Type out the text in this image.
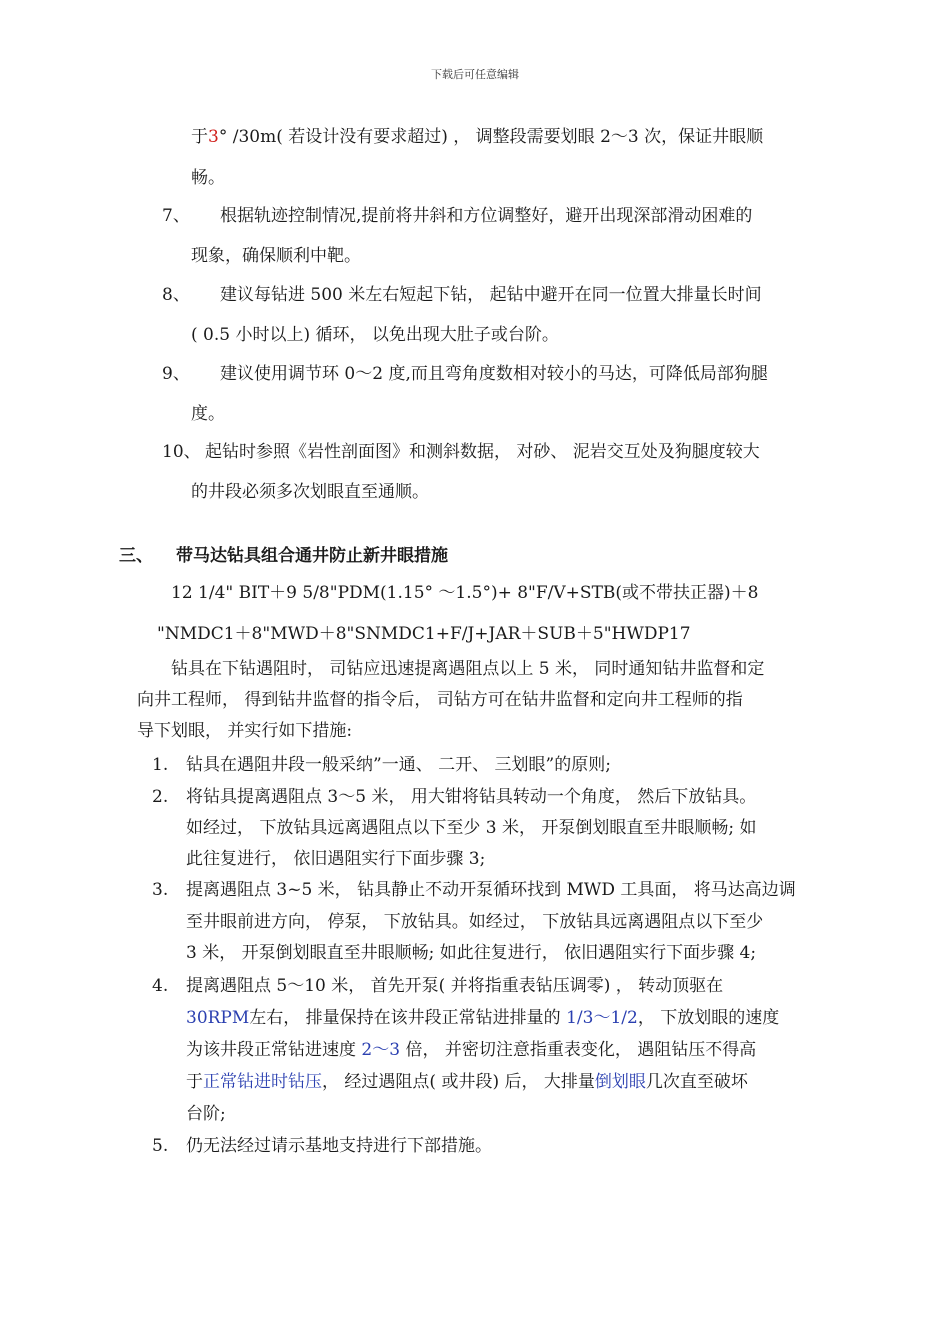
下载后可任意编辑
于3° /30m( 若设计没有要求超过) ， 调整段需要划眼 2～3 次，保证井眼顺
畅。
7、 根据轨迹控制情况,提前将井斜和方位调整好，避开出现深部滑动困难的
现象，确保顺利中靶。
8、 建议每钻进 500 米左右短起下钻， 起钻中避开在同一位置大排量长时间
( 0.5 小时以上) 循环， 以免出现大肚子或台阶。
9、 建议使用调节环 0～2 度,而且弯角度数相对较小的马达，可降低局部狗腿
度。
10、 起钻时参照《岩性剖面图》和测斜数据， 对砂、 泥岩交互处及狗腿度较大
的井段必须多次划眼直至通顺。
三、 带马达钻具组合通井防止新井眼措施
12 1/4" BIT＋9 5/8"PDM(1.15° ～1.5°)+ 8"F/V+STB(或不带扶正器)＋8
"NMDC1＋8"MWD＋8"SNMDC1+F/J+JAR＋SUB＋5"HWDP17
钻具在下钻遇阻时， 司钻应迅速提离遇阻点以上 5 米， 同时通知钻井监督和定
向井工程师， 得到钻井监督的指令后， 司钻方可在钻井监督和定向井工程师的指
导下划眼， 并实行如下措施:
1. 钻具在遇阻井段一般采纳”一通、 二开、 三划眼”的原则;
2. 将钻具提离遇阻点 3～5 米， 用大钳将钻具转动一个角度， 然后下放钻具。
如经过， 下放钻具远离遇阻点以下至少 3 米， 开泵倒划眼直至井眼顺畅; 如
此往复进行， 依旧遇阻实行下面步骤 3;
3. 提离遇阻点 3~5 米， 钻具静止不动开泵循环找到 MWD 工具面， 将马达高边调
至井眼前进方向， 停泵， 下放钻具。如经过， 下放钻具远离遇阻点以下至少
3 米， 开泵倒划眼直至井眼顺畅; 如此往复进行， 依旧遇阻实行下面步骤 4;
4. 提离遇阻点 5～10 米， 首先开泵( 并将指重表钻压调零) ， 转动顶驱在
30RPM左右， 排量保持在该井段正常钻进排量的 1/3～1/2， 下放划眼的速度
为该井段正常钻进速度 2～3 倍， 并密切注意指重表变化， 遇阻钻压不得高
于正常钻进时钻压， 经过遇阻点( 或井段) 后， 大排量倒划眼几次直至破坏
台阶;
5. 仍无法经过请示基地支持进行下部措施。
